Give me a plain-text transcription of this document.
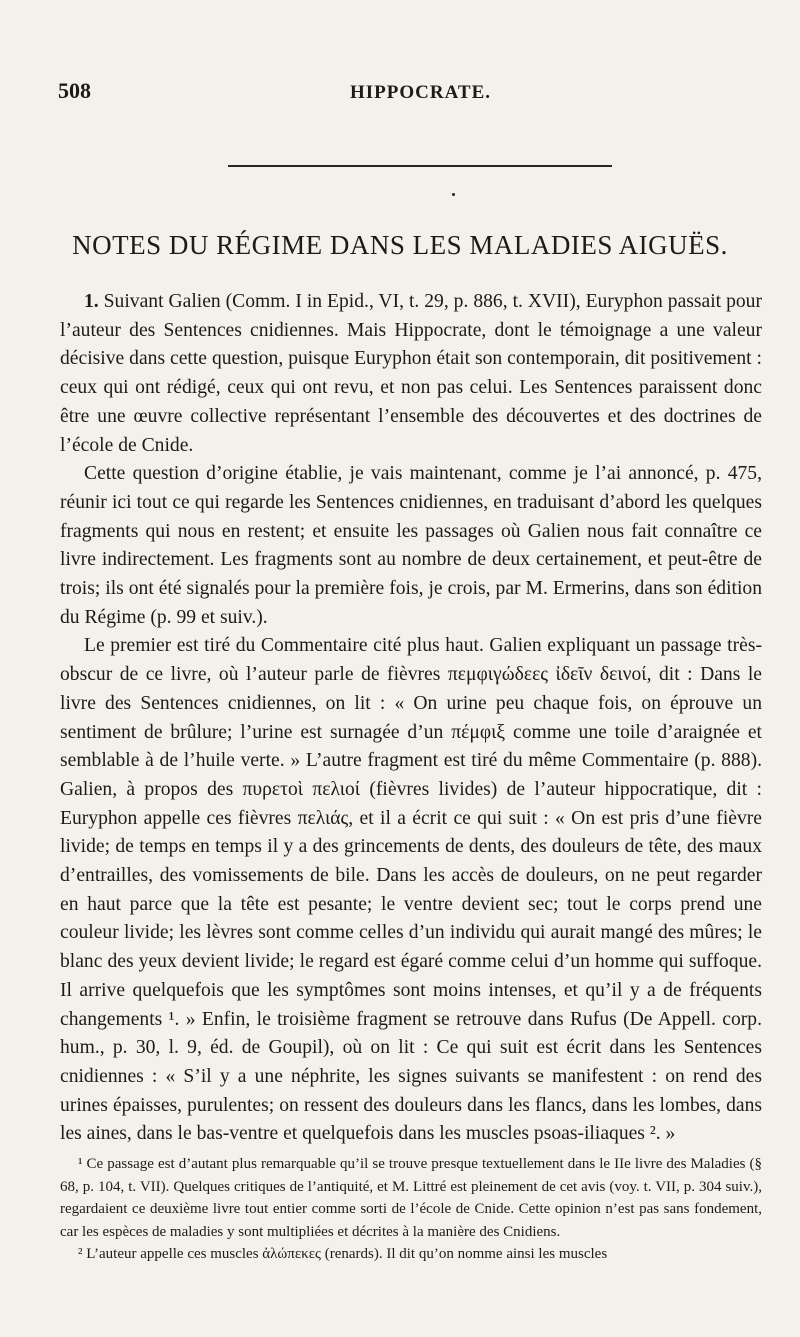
508	HIPPOCRATE.
NOTES DU RÉGIME DANS LES MALADIES AIGUËS.

1. Suivant Galien (Comm. I in Epid., VI, t. 29, p. 886, t. XVII), Euryphon passait pour l’auteur des Sentences cnidiennes. Mais Hippocrate, dont le témoignage a une valeur décisive dans cette question, puisque Euryphon était son contemporain, dit positivement : ceux qui ont rédigé, ceux qui ont revu, et non pas celui. Les Sentences paraissent donc être une œuvre collective représentant l’ensemble des découvertes et des doctrines de l’école de Cnide.

Cette question d’origine établie, je vais maintenant, comme je l’ai annoncé, p. 475, réunir ici tout ce qui regarde les Sentences cnidiennes, en traduisant d’abord les quelques fragments qui nous en restent; et ensuite les passages où Galien nous fait connaître ce livre indirectement. Les fragments sont au nombre de deux certainement, et peut-être de trois; ils ont été signalés pour la première fois, je crois, par M. Ermerins, dans son édition du Régime (p. 99 et suiv.).

Le premier est tiré du Commentaire cité plus haut. Galien expliquant un passage très-obscur de ce livre, où l’auteur parle de fièvres πεμφιγώδεες ἰδεῖν δεινοί, dit : Dans le livre des Sentences cnidiennes, on lit : « On urine peu chaque fois, on éprouve un sentiment de brûlure; l’urine est surnagée d’un πέμφιξ comme une toile d’araignée et semblable à de l’huile verte. » L’autre fragment est tiré du même Commentaire (p. 888). Galien, à propos des πυρετοὶ πελιοί (fièvres livides) de l’auteur hippocratique, dit : Euryphon appelle ces fièvres πελιάς, et il a écrit ce qui suit : « On est pris d’une fièvre livide; de temps en temps il y a des grincements de dents, des douleurs de tête, des maux d’entrailles, des vomissements de bile. Dans les accès de douleurs, on ne peut regarder en haut parce que la tête est pesante; le ventre devient sec; tout le corps prend une couleur livide; les lèvres sont comme celles d’un individu qui aurait mangé des mûres; le blanc des yeux devient livide; le regard est égaré comme celui d’un homme qui suffoque. Il arrive quelquefois que les symptômes sont moins intenses, et qu’il y a de fréquents changements ¹. » Enfin, le troisième fragment se retrouve dans Rufus (De Appell. corp. hum., p. 30, l. 9, éd. de Goupil), où on lit : Ce qui suit est écrit dans les Sentences cnidiennes : « S’il y a une néphrite, les signes suivants se manifestent : on rend des urines épaisses, purulentes; on ressent des douleurs dans les flancs, dans les lombes, dans les aines, dans le bas-ventre et quelquefois dans les muscles psoas-iliaques ². »

¹ Ce passage est d’autant plus remarquable qu’il se trouve presque textuellement dans le IIe livre des Maladies (§ 68, p. 104, t. VII). Quelques critiques de l’antiquité, et M. Littré est pleinement de cet avis (voy. t. VII, p. 304 suiv.), regardaient ce deuxième livre tout entier comme sorti de l’école de Cnide. Cette opinion n’est pas sans fondement, car les espèces de maladies y sont multipliées et décrites à la manière des Cnidiens.

² L’auteur appelle ces muscles ἀλώπεκες (renards). Il dit qu’on nomme ainsi les muscles
